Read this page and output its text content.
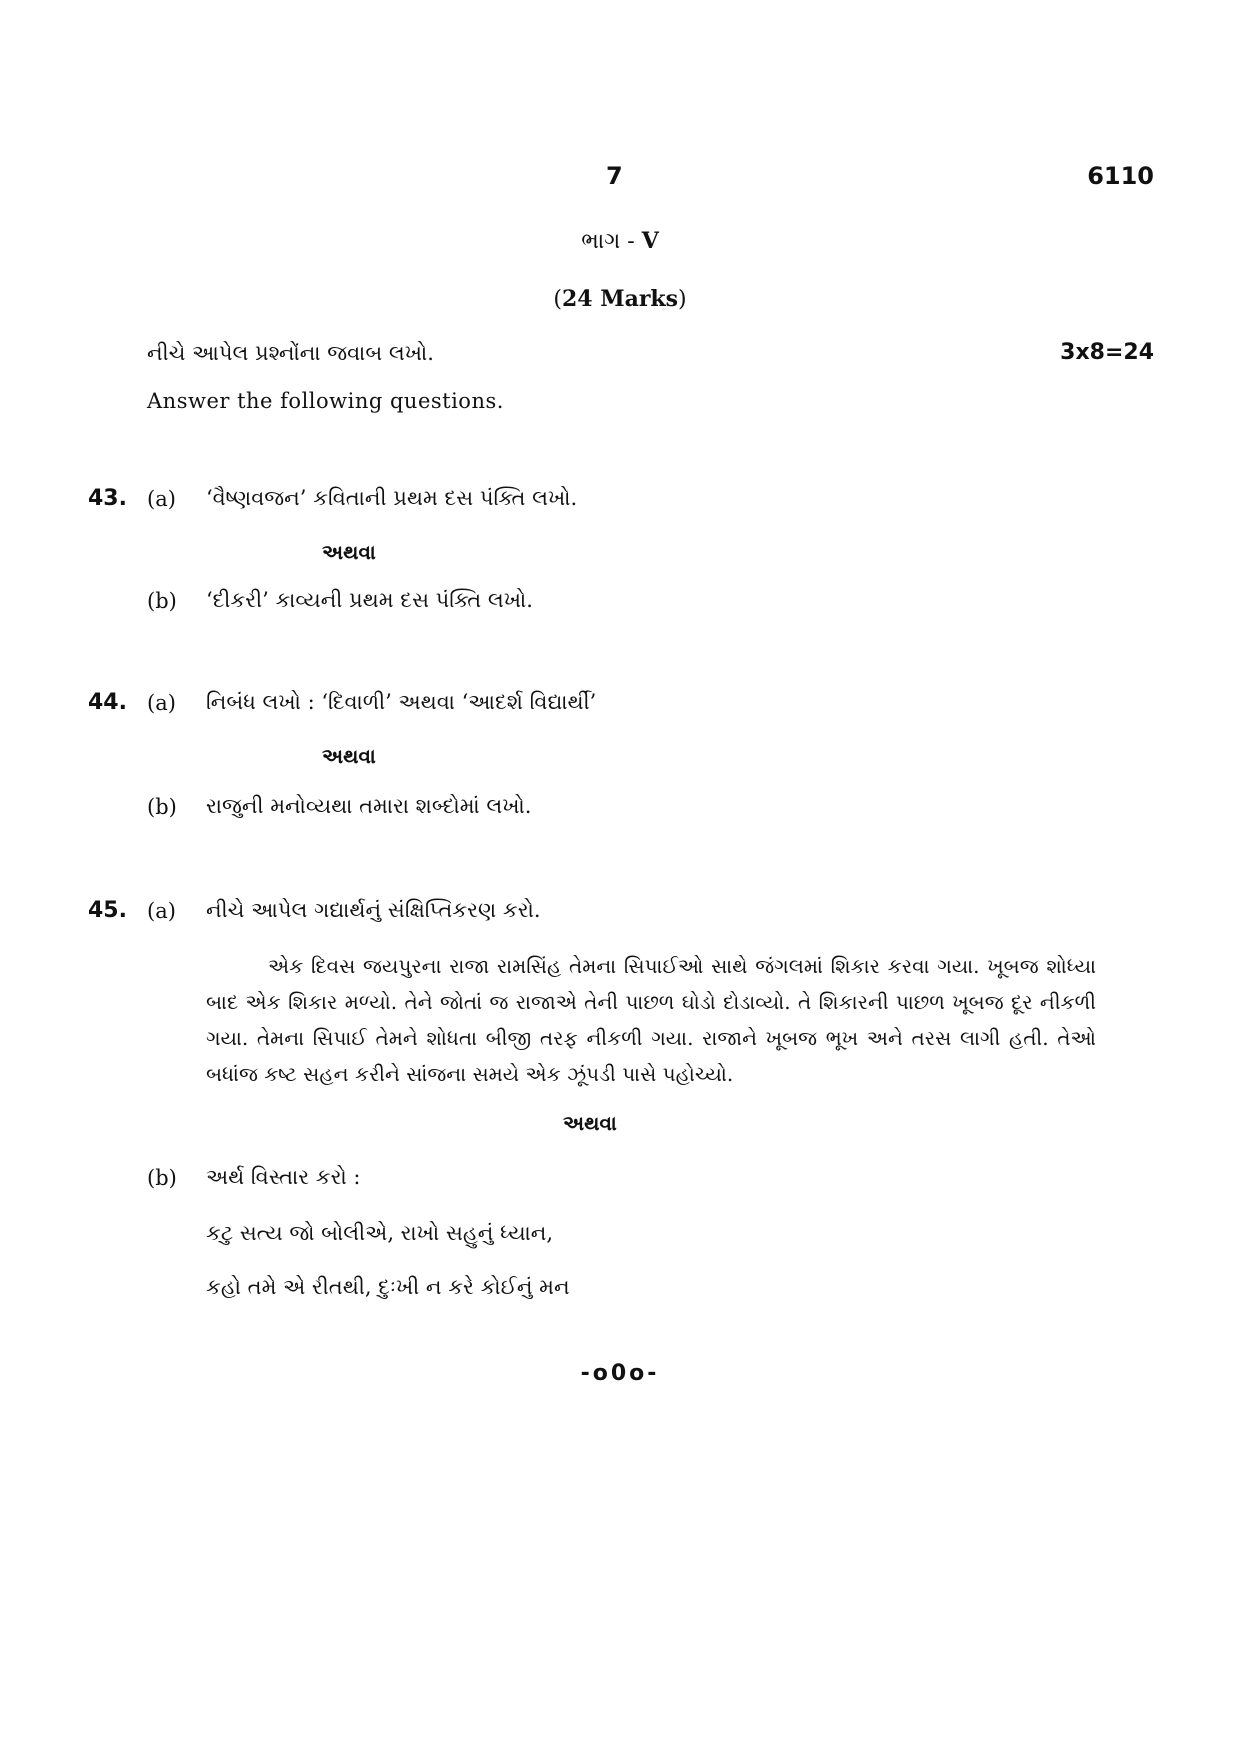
7	6110
ભાગ - V
(24 Marks)
નીચે આપેલ પ્રશ્નોંના જવાબ લખો.	3x8=24
Answer the following questions.
43. (a) ‘વૈષ્ણવજન’ કવિતાની પ્રથમ દસ પંક્તિ લખો.
અથવા
(b) ‘દીકરી’ કાવ્યની પ્રથમ દસ પંક્તિ લખો.
44. (a) નિબંધ લખો : ‘દિવાળી’ અથવા ‘આદર્શ વિદ્યાર્થી’
અથવા
(b) રાજુની મનોવ્યથા તમારા શબ્દોમાં લખો.
45. (a) નીચે આપેલ ગદ્યાર્થનું સંક્ષિપ્તિકરણ કરો.
એક દિવસ જયપુરના રાજા રામસિંહ તેમના સિપાઈઓ સાથે જંગલમાં શિકાર કરવા ગયા. ખૂબજ શોધ્યા બાદ એક શિકાર મળ્યો. તેને જોતાં જ રાજાએ તેની પાછળ ઘોડો દોડાવ્યો. તે શિકારની પાછળ ખૂબજ દૂર નીકળી ગયા. તેમના સિપાઈ તેમને શોધતા બીજી તરફ નીકળી ગયા. રાજાને ખૂબજ ભૂખ અને તરસ લાગી હતી. તેઓ બધાંજ કષ્ટ સહન કરીને સાંજના સમયે એક ઝૂંપડી પાસે પહોચ્યો.
અથવા
(b) અર્થ વિસ્તાર કરો :
કટુ સત્ય જો બોલીએ, રાખો સહુનું ધ્યાન,
કહો તમે એ રીતથી, દુઃખી ન કરે કોઈનું મન
-o0o-
